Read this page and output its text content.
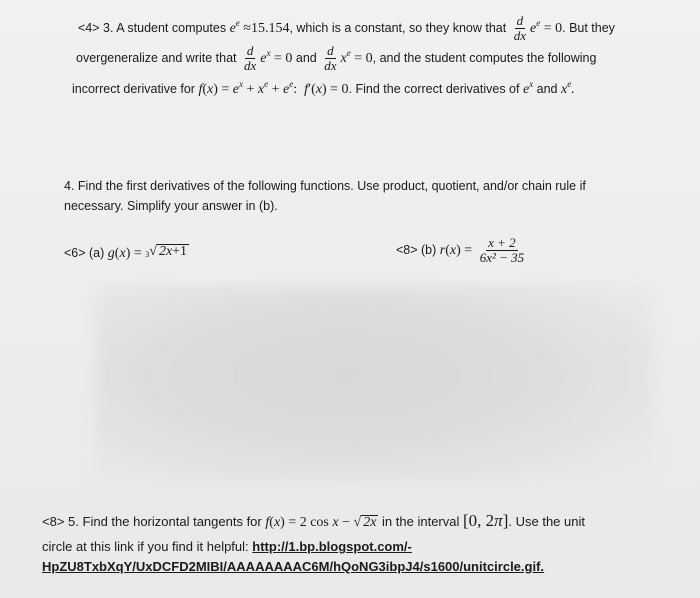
<4> 3. A student computes $e^e \approx 15.154$, which is a constant, so they know that $\frac{d}{dx} e^e = 0$. But they
overgeneralize and write that $\frac{d}{dx} e^x = 0$ and $\frac{d}{dx} x^e = 0$, and the student computes the following
incorrect derivative for $f(x) = e^x + x^e + e^e$:  f′(x) = 0. Find the correct derivatives of $e^x$ and $x^e$.
4. Find the first derivatives of the following functions. Use product, quotient, and/or chain rule if
necessary. Simplify your answer in (b).
<6> (a) g(x) = 3 √ 2x+1	<8> (b) $r(x) = \frac{x + 2}{\text{6x² − 35}}$
<8> 5. Find the horizontal tangents for f(x) = 2 cos x − √ 2x in the interval [0, 2π]. Use the unit
circle at this link if you find it helpful: http://1.bp.blogspot.com/-
HpZU8TxbXqY/UxDCFD2MIBI/AAAAAAAAC6M/hQoNG3ibpJ4/s1600/unitcircle.gif.
